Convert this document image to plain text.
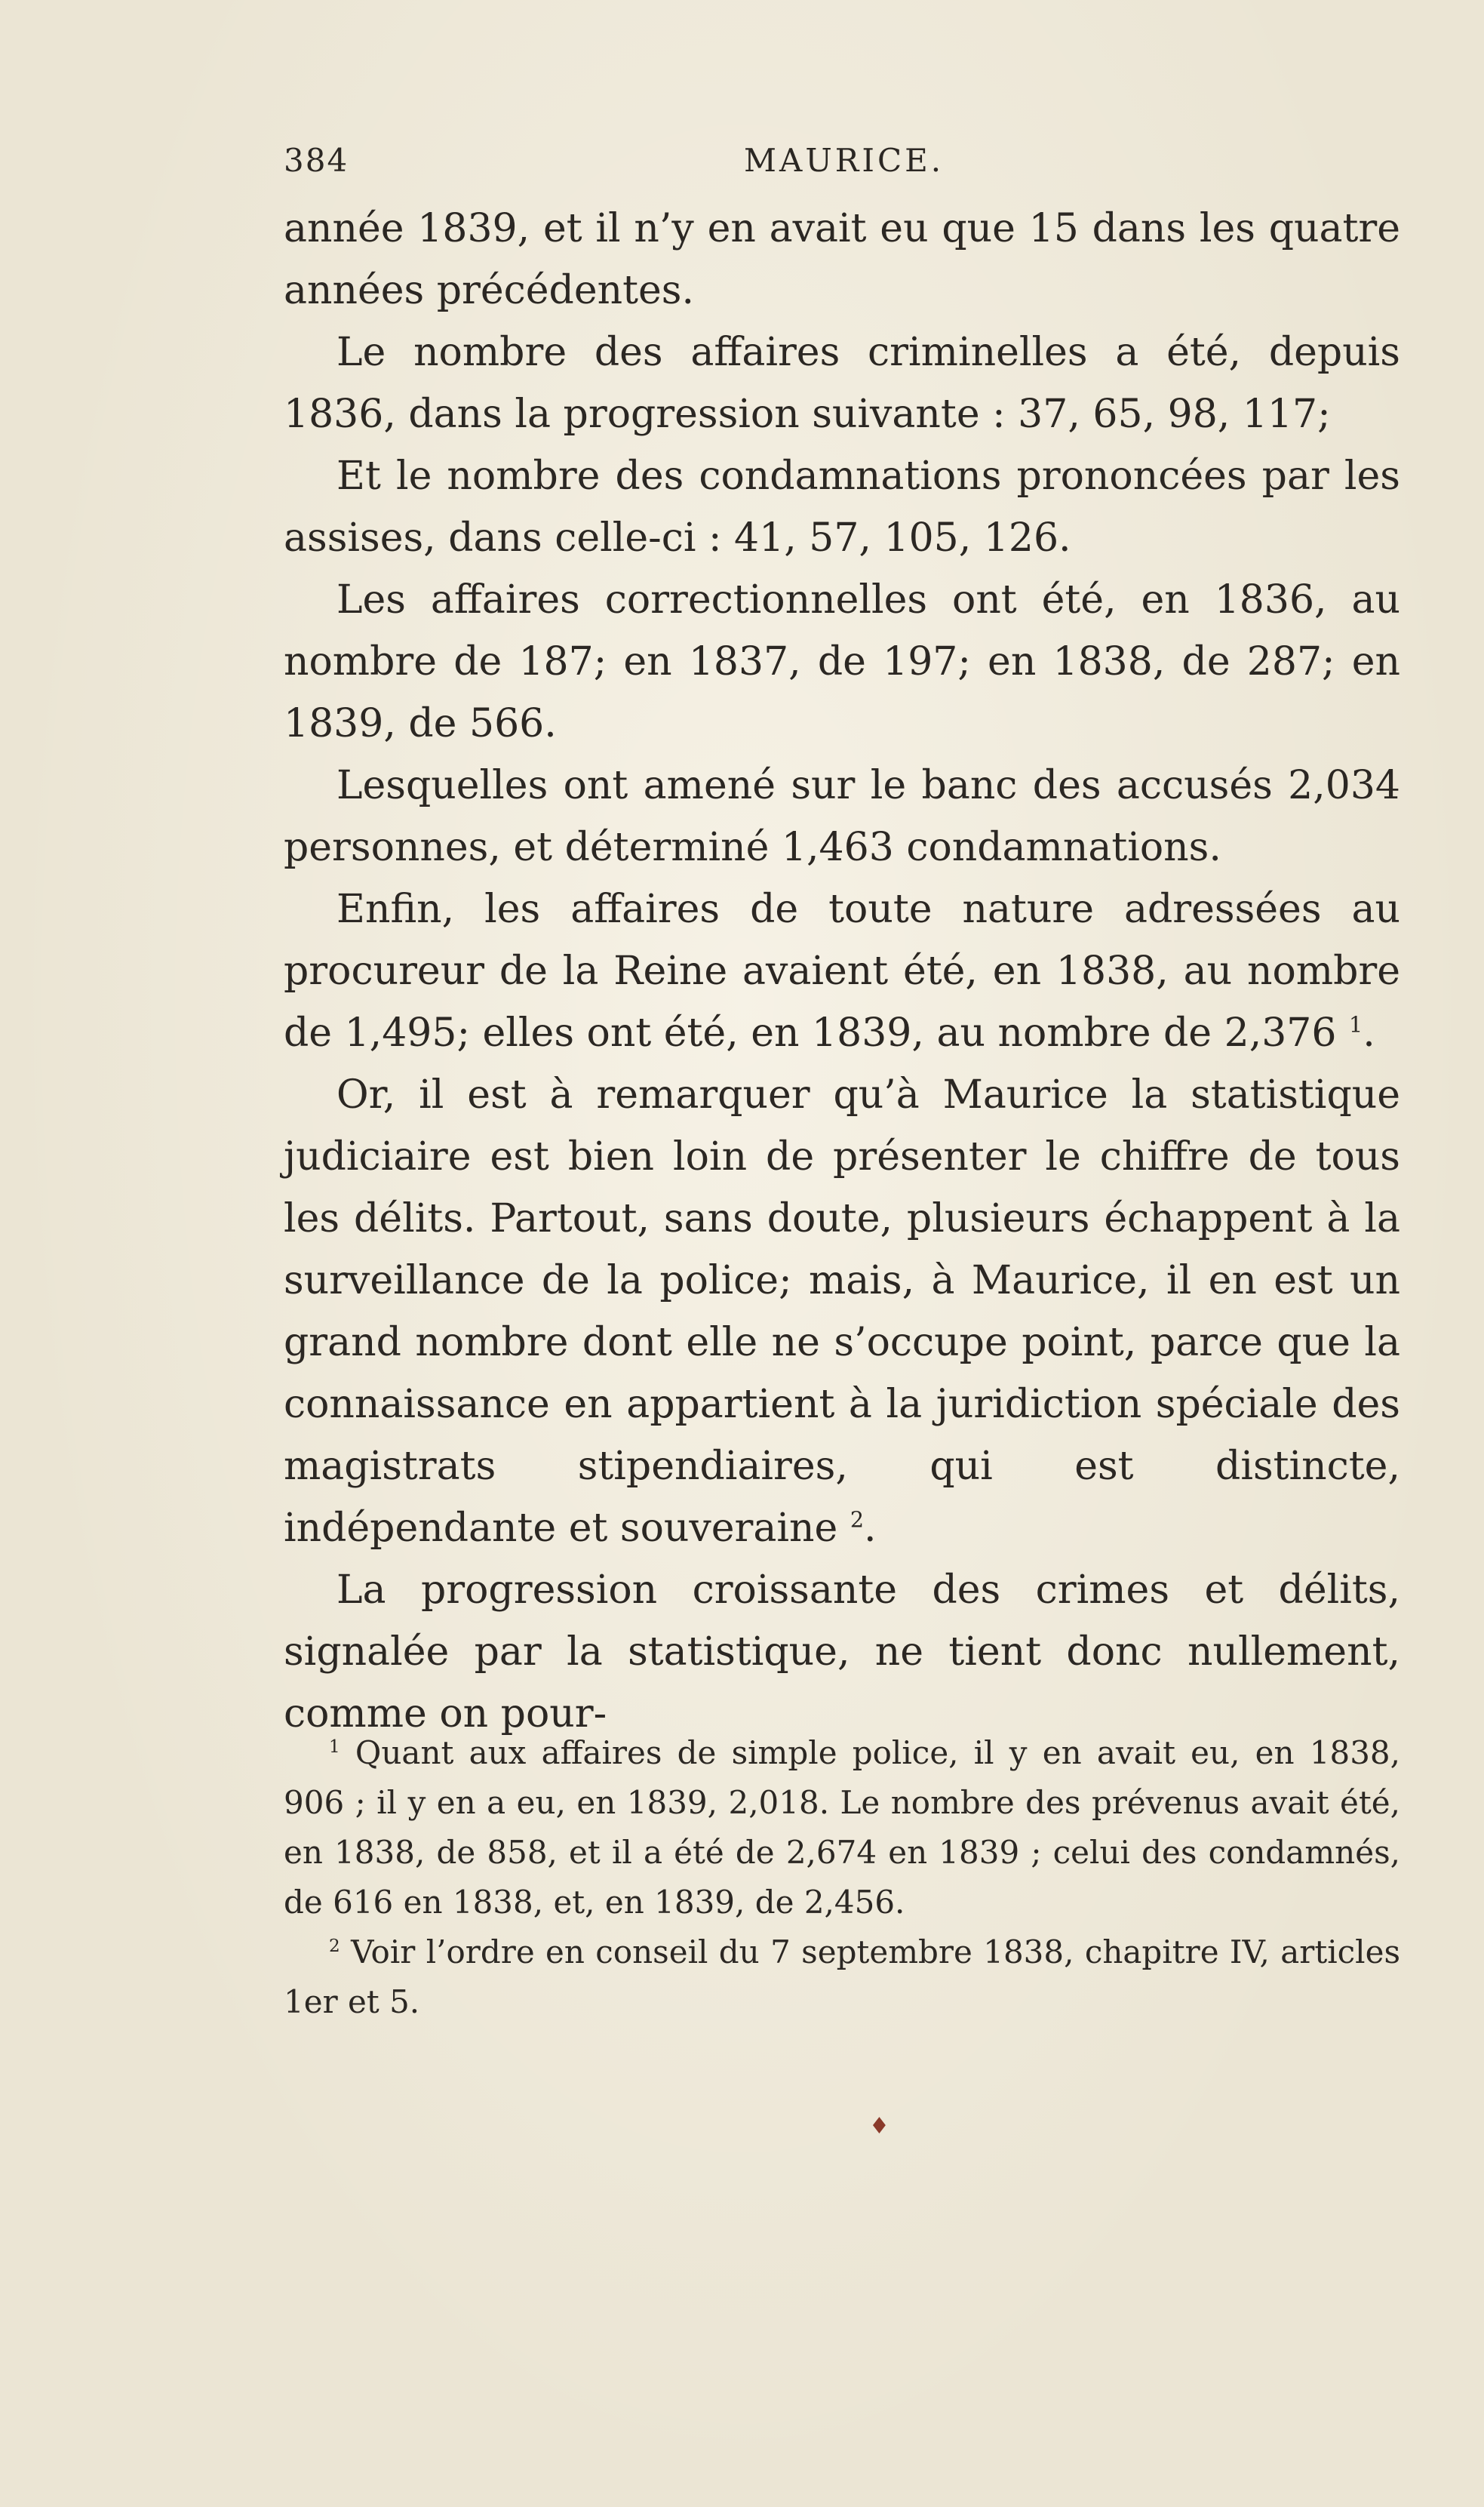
384	MAURICE.

année 1839, et il n’y en avait eu que 15 dans les quatre années précédentes.

Le nombre des affaires criminelles a été, depuis 1836, dans la progression suivante : 37, 65, 98, 117;

Et le nombre des condamnations prononcées par les assises, dans celle-ci : 41, 57, 105, 126.

Les affaires correctionnelles ont été, en 1836, au nombre de 187; en 1837, de 197; en 1838, de 287; en 1839, de 566.

Lesquelles ont amené sur le banc des accusés 2,034 personnes, et déterminé 1,463 condamnations.

Enfin, les affaires de toute nature adressées au procureur de la Reine avaient été, en 1838, au nombre de 1,495; elles ont été, en 1839, au nombre de 2,376 $^1$.

Or, il est à remarquer qu’à Maurice la statistique judiciaire est bien loin de présenter le chiffre de tous les délits. Partout, sans doute, plusieurs échappent à la surveillance de la police; mais, à Maurice, il en est un grand nombre dont elle ne s’occupe point, parce que la connaissance en appartient à la juridiction spéciale des magistrats stipendiaires, qui est distincte, indépendante et souveraine $^2$.

La progression croissante des crimes et délits, signalée par la statistique, ne tient donc nullement, comme on pour-

$^1$ Quant aux affaires de simple police, il y en avait eu, en 1838, 906 ; il y en a eu, en 1839, 2,018. Le nombre des prévenus avait été, en 1838, de 858, et il a été de 2,674 en 1839 ; celui des condamnés, de 616 en 1838, et, en 1839, de 2,456.

$^2$ Voir l’ordre en conseil du 7 septembre 1838, chapitre IV, articles 1er et 5.

♦
